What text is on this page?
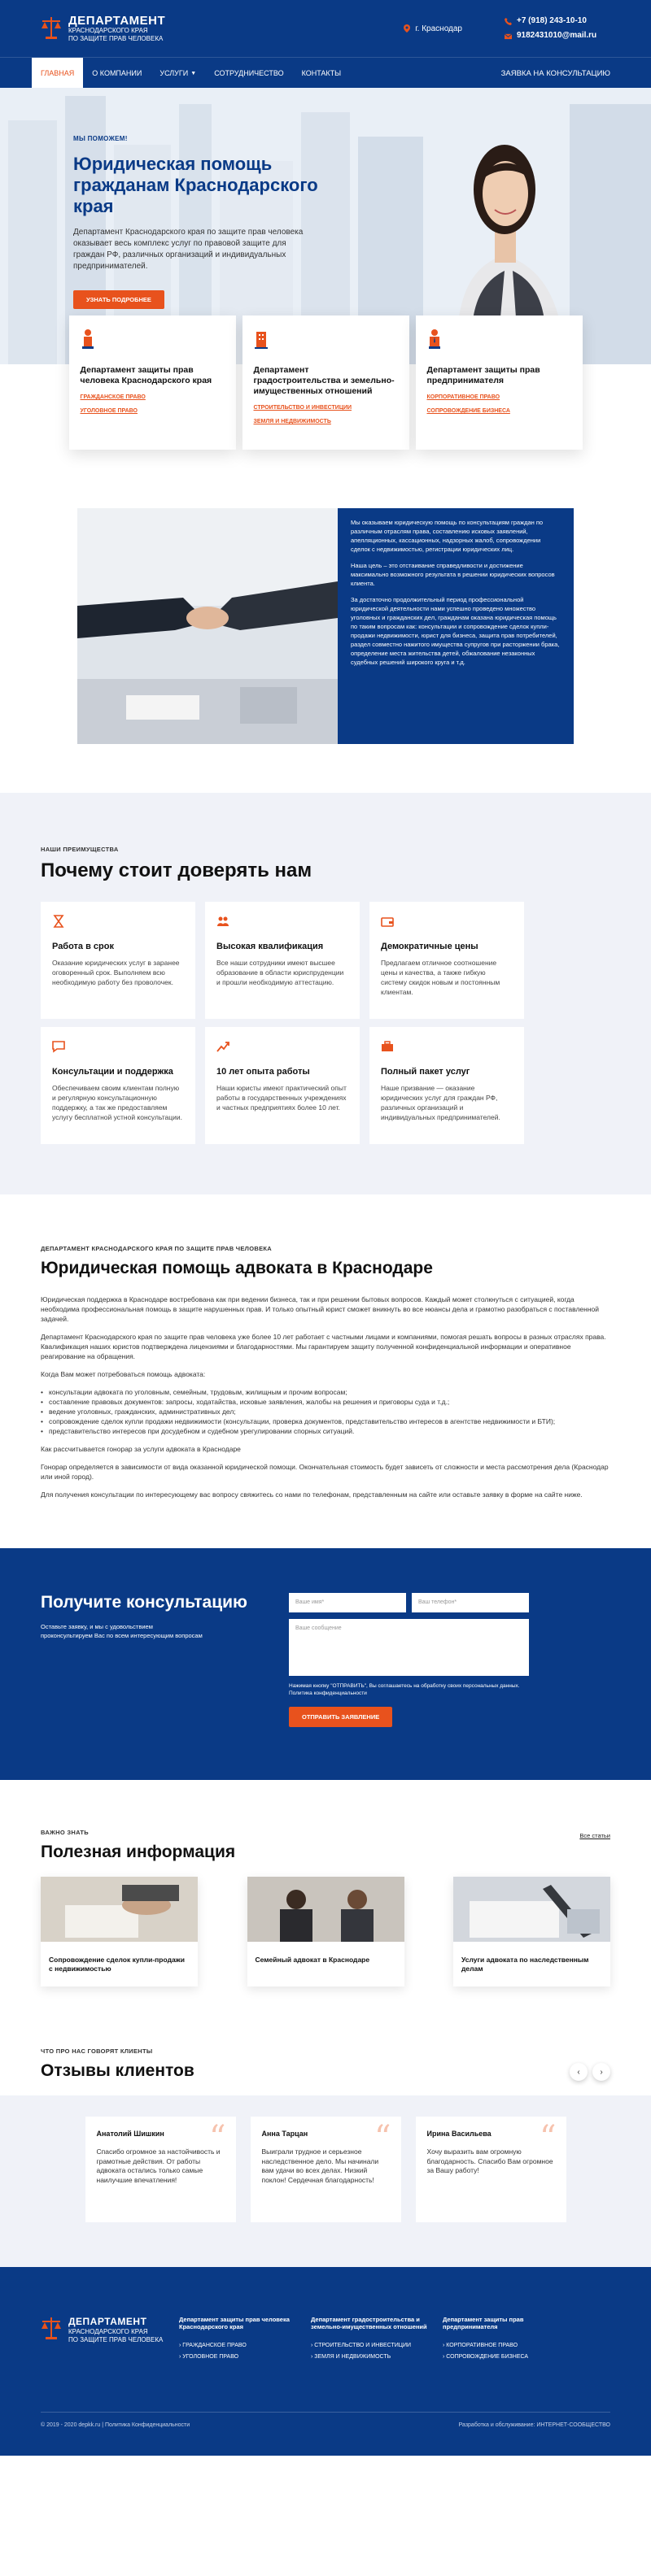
ДЕПАРТАМЕНТ
КРАСНОДАРСКОГО КРАЯ
ПО ЗАЩИТЕ ПРАВ ЧЕЛОВЕКА
г. Краснодар
+7 (918) 243-10-10
9182431010@mail.ru
ГЛАВНАЯ	О КОМПАНИИ	УСЛУГИ ▼	СОТРУДНИЧЕСТВО	КОНТАКТЫ	ЗАЯВКА НА КОНСУЛЬТАЦИЮ
МЫ ПОМОЖЕМ!
Юридическая помощь гражданам Краснодарского края

Департамент Краснодарского края по защите прав человека оказывает весь комплекс услуг по правовой защите для граждан РФ, различных организаций и индивидуальных предпринимателей.

УЗНАТЬ ПОДРОБНЕЕ
Департамент защиты прав человека Краснодарского края
ГРАЖДАНСКОЕ ПРАВО
УГОЛОВНОЕ ПРАВО
Департамент градостроительства и земельно-имущественных отношений
СТРОИТЕЛЬСТВО И ИНВЕСТИЦИИ
ЗЕМЛЯ И НЕДВИЖИМОСТЬ
Департамент защиты прав предпринимателя
КОРПОРАТИВНОЕ ПРАВО
СОПРОВОЖДЕНИЕ БИЗНЕСА

Мы оказываем юридическую помощь по консультациям граждан по различным отраслям права, составлению исковых заявлений, апелляционных, кассационных, надзорных жалоб, сопровождении сделок с недвижимостью, регистрации юридических лиц.

Наша цель – это отстаивание справедливости и достижение максимально возможного результата в решении юридических вопросов клиента.

За достаточно продолжительный период профессиональной юридической деятельности нами успешно проведено множество уголовных и гражданских дел, гражданам оказана юридическая помощь по таким вопросам как: консультации и сопровождение сделок купли-продажи недвижимости, юрист для бизнеса, защита прав потребителей, раздел совместно нажитого имущества супругов при расторжении брака, определение места жительства детей, обжалование незаконных судебных решений широкого круга и т.д.

НАШИ ПРЕИМУЩЕСТВА
Почему стоит доверять нам
Работа в срок

Оказание юридических услуг в заранее оговоренный срок. Выполняем всю необходимую работу без проволочек.

Высокая квалификация

Все наши сотрудники имеют высшее образование в области юриспруденции и прошли необходимую аттестацию.

Демократичные цены

Предлагаем отличное соотношение цены и качества, а также гибкую систему скидок новым и постоянным клиентам.

Консультации и поддержка

Обеспечиваем своим клиентам полную и регулярную консультационную поддержку, а так же предоставляем услугу бесплатной устной консультации.

10 лет опыта работы

Наши юристы имеют практический опыт работы в государственных учреждениях и частных предприятиях более 10 лет.

Полный пакет услуг

Наше призвание — оказание юридических услуг для граждан РФ, различных организаций и индивидуальных предпринимателей.

ДЕПАРТАМЕНТ КРАСНОДАРСКОГО КРАЯ ПО ЗАЩИТЕ ПРАВ ЧЕЛОВЕКА
Юридическая помощь адвоката в Краснодаре

Юридическая поддержка в Краснодаре востребована как при ведении бизнеса, так и при решении бытовых вопросов. Каждый может столкнуться с ситуацией, когда необходима профессиональная помощь в защите нарушенных прав. И только опытный юрист сможет вникнуть во все нюансы дела и грамотно разобраться с поставленной задачей.

Департамент Краснодарского края по защите прав человека уже более 10 лет работает с частными лицами и компаниями, помогая решать вопросы в разных отраслях права. Квалификация наших юристов подтверждена лицензиями и благодарностями. Мы гарантируем защиту полученной конфиденциальной информации и оперативное реагирование на обращения.

Когда Вам может потребоваться помощь адвоката:

• консультации адвоката по уголовным, семейным, трудовым, жилищным и прочим вопросам;
• составление правовых документов: запросы, ходатайства, исковые заявления, жалобы на решения и приговоры суда и т.д.;
• ведение уголовных, гражданских, административных дел;
• сопровождение сделок купли продажи недвижимости (консультации, проверка документов, представительство интересов в агентстве недвижимости и БТИ);
• представительство интересов при досудебном и судебном урегулировании спорных ситуаций.

Как рассчитывается гонорар за услуги адвоката в Краснодаре

Гонорар определяется в зависимости от вида оказанной юридической помощи. Окончательная стоимость будет зависеть от сложности и места рассмотрения дела (Краснодар или иной город).

Для получения консультации по интересующему вас вопросу свяжитесь со нами по телефонам, представленным на сайте или оставьте заявку в форме на сайте ниже.

Получите консультацию

Оставьте заявку, и мы с удовольствием проконсультируем Вас по всем интересующим вопросам

Ваше имя*	Ваш телефон*
Ваше сообщение
Нажимая кнопку "ОТПРАВИТЬ", Вы соглашаетесь на обработку своих персональных данных. Политика конфиденциальности
ОТПРАВИТЬ ЗАЯВЛЕНИЕ
ВАЖНО ЗНАТЬ
Полезная информация
Все статьи
Сопровождение сделок купли-продажи с недвижимостью
Семейный адвокат в Краснодаре	Услуги адвоката по наследственным делам
ЧТО ПРО НАС ГОВОРЯТ КЛИЕНТЫ
Отзывы клиентов	‹ ›
“
Анатолий Шишкин

Спасибо огромное за настойчивость и грамотные действия. От работы адвоката остались только самые наилучшие впечатления!

“
Анна Тарцан

Выиграли трудное и серьезное наследственное дело. Мы начинали вам удачи во всех делах. Низкий поклон! Сердечная благодарность!

“
Ирина Васильева

Хочу выразить вам огромную благодарность. Спасибо Вам огромное за Вашу работу!

ДЕПАРТАМЕНТ
КРАСНОДАРСКОГО КРАЯ
ПО ЗАЩИТЕ ПРАВ ЧЕЛОВЕКА
Департамент защиты прав человека Краснодарского края
› ГРАЖДАНСКОЕ ПРАВО
› УГОЛОВНОЕ ПРАВО
Департамент градостроительства и земельно-имущественных отношений
› СТРОИТЕЛЬСТВО И ИНВЕСТИЦИИ
› ЗЕМЛЯ И НЕДВИЖИМОСТЬ
Департамент защиты прав предпринимателя
› КОРПОРАТИВНОЕ ПРАВО
› СОПРОВОЖДЕНИЕ БИЗНЕСА
© 2019 - 2020 depkk.ru | Политика Конфиденциальности	Разработка и обслуживание: ИНТЕРНЕТ-СООБЩЕСТВО
